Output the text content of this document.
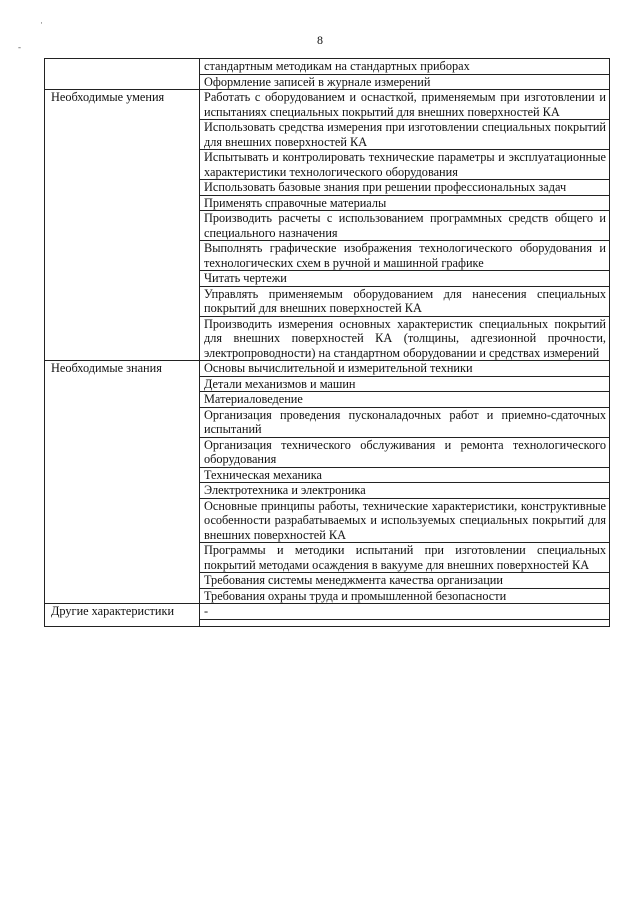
·
-	8
	стандартным методикам на стандартных приборах
	Оформление записей в журнале измерений
Необходимые умения	Работать с оборудованием и оснасткой, применяемым при изготовлении и испытаниях специальных покрытий для внешних поверхностей КА
	Использовать средства измерения при изготовлении специальных покрытий для внешних поверхностей КА
	Испытывать и контролировать технические параметры и эксплуатационные характеристики технологического оборудования
	Использовать базовые знания при решении профессиональных задач
	Применять справочные материалы
	Производить расчеты с использованием программных средств общего и специального назначения
	Выполнять графические изображения технологического оборудования и технологических схем в ручной и машинной графике
	Читать чертежи
	Управлять применяемым оборудованием для нанесения специальных покрытий для внешних поверхностей КА
	Производить измерения основных характеристик специальных покрытий для внешних поверхностей КА (толщины, адгезионной прочности, электропроводности) на стандартном оборудовании и средствах измерений
Необходимые знания	Основы вычислительной и измерительной техники
	Детали механизмов и машин
	Материаловедение
	Организация проведения пусконаладочных работ и приемно-сдаточных испытаний
	Организация технического обслуживания и ремонта технологического оборудования
	Техническая механика
	Электротехника и электроника
	Основные принципы работы, технические характеристики, конструктивные особенности разрабатываемых и используемых специальных покрытий для внешних поверхностей КА
	Программы и методики испытаний при изготовлении специальных покрытий методами осаждения в вакууме для внешних поверхностей КА
	Требования системы менеджмента качества организации
	Требования охраны труда и промышленной безопасности
Другие характеристики	-
